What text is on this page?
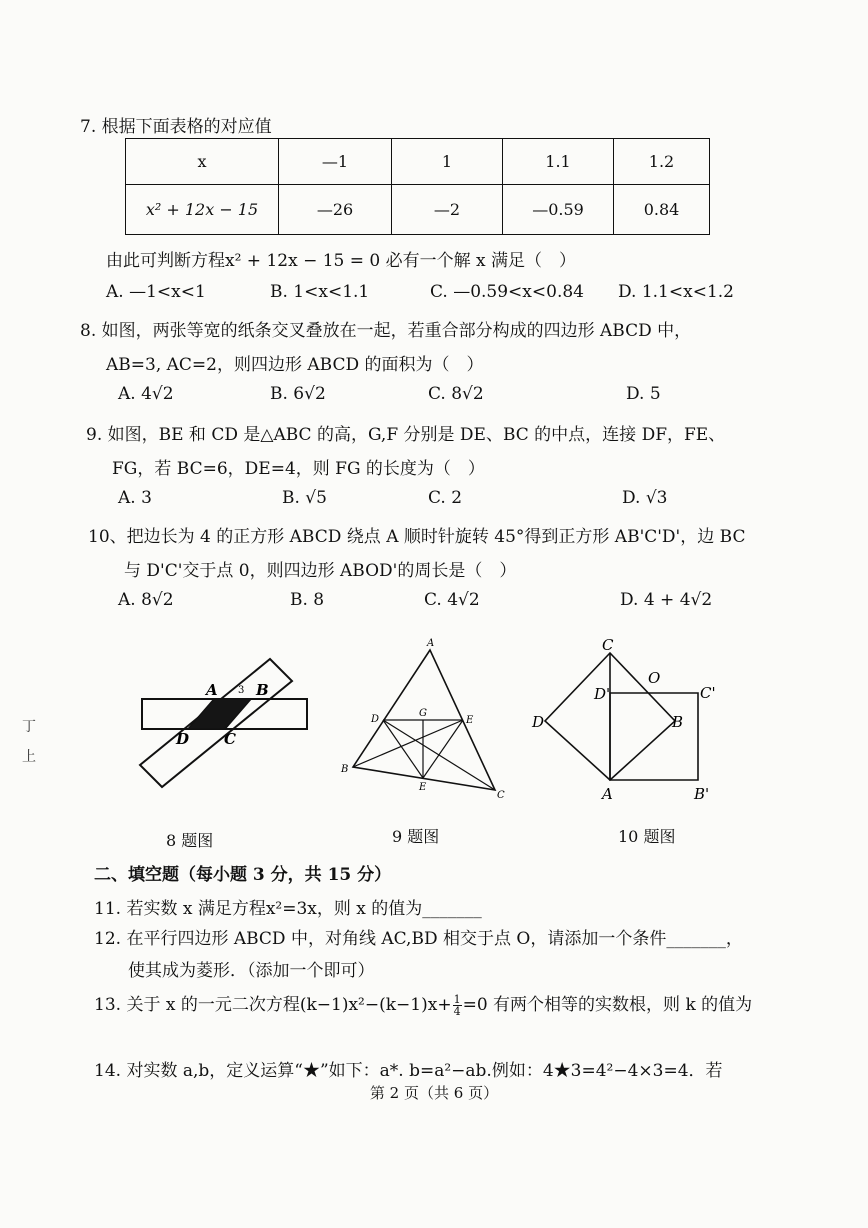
7. 根据下面表格的对应值
x	—1	1	1.1	1.2
x² + 12x − 15	—26	—2	—0.59	0.84
由此可判断方程x² + 12x − 15 = 0 必有一个解 x 满足（　）
A. —1<x<1	B. 1<x<1.1	C. —0.59<x<0.84 D. 1.1<x<1.2
8. 如图，两张等宽的纸条交叉叠放在一起，若重合部分构成的四边形 ABCD 中，
AB=3, AC=2，则四边形 ABCD 的面积为（　）
A. 4√2	B. 6√2	C. 8√2	D. 5
9. 如图，BE 和 CD 是△ABC 的高，G,F 分别是 DE、BC 的中点，连接 DF，FE、
FG，若 BC=6，DE=4，则 FG 的长度为（　）
A. 3	B. √5	C. 2	D. √3
10、把边长为 4 的正方形 ABCD 绕点 A 顺时针旋转 45°得到正方形 AB'C'D'，边 BC
与 D'C'交于点 0，则四边形 ABOD'的周长是（　）
A. 8√2	B. 8	C. 4√2	D. 4 + 4√2
A 3 B
D C
8 题图
A
B
C
D	E
G
E
9 题图
C
O
D'	C'
D	B
A	B'
10 题图
丁
上
二、填空题（每小题 3 分，共 15 分）
11. 若实数 x 满足方程x²=3x，则 x 的值为_______
12. 在平行四边形 ABCD 中，对角线 AC,BD 相交于点 O，请添加一个条件_______，
使其成为菱形．（添加一个即可）
13. 关于 x 的一元二次方程$(k-1)x^2-(k-1)x+ \frac{1}{4} =0$ 有两个相等的实数根，则 k 的值为
14. 对实数 a,b，定义运算“★”如下：a*. b=a²−ab.例如：4★3=4²−4×3=4．若
第 2 页（共 6 页）
